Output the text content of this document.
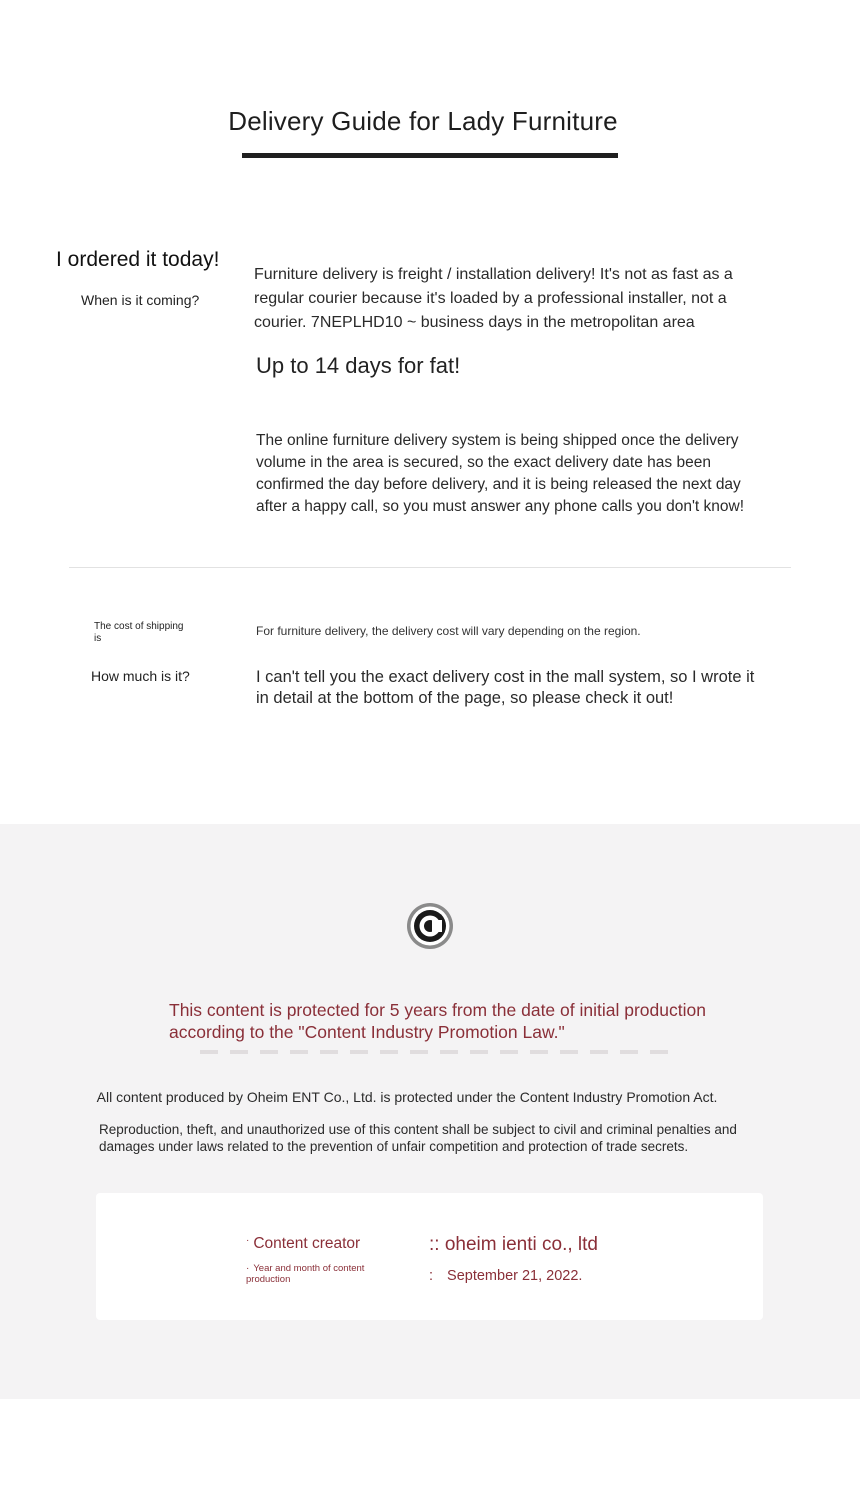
Delivery Guide for Lady Furniture
I ordered it today!
When is it coming?
Furniture delivery is freight / installation delivery! It's not as fast as a regular courier because it's loaded by a professional installer, not a courier. 7NEPLHD10 ~ business days in the metropolitan area
Up to 14 days for fat!
The online furniture delivery system is being shipped once the delivery volume in the area is secured, so the exact delivery date has been confirmed the day before delivery, and it is being released the next day after a happy call, so you must answer any phone calls you don't know!
The cost of shipping is
How much is it?
For furniture delivery, the delivery cost will vary depending on the region.
I can't tell you the exact delivery cost in the mall system, so I wrote it in detail at the bottom of the page, so please check it out!
This content is protected for 5 years from the date of initial production according to the "Content Industry Promotion Law."
All content produced by Oheim ENT Co., Ltd. is protected under the Content Industry Promotion Act.
Reproduction, theft, and unauthorized use of this content shall be subject to civil and criminal penalties and damages under laws related to the prevention of unfair competition and protection of trade secrets.
· Content creator
· Year and month of content production
:: oheim ienti co., ltd
: September 21, 2022.
